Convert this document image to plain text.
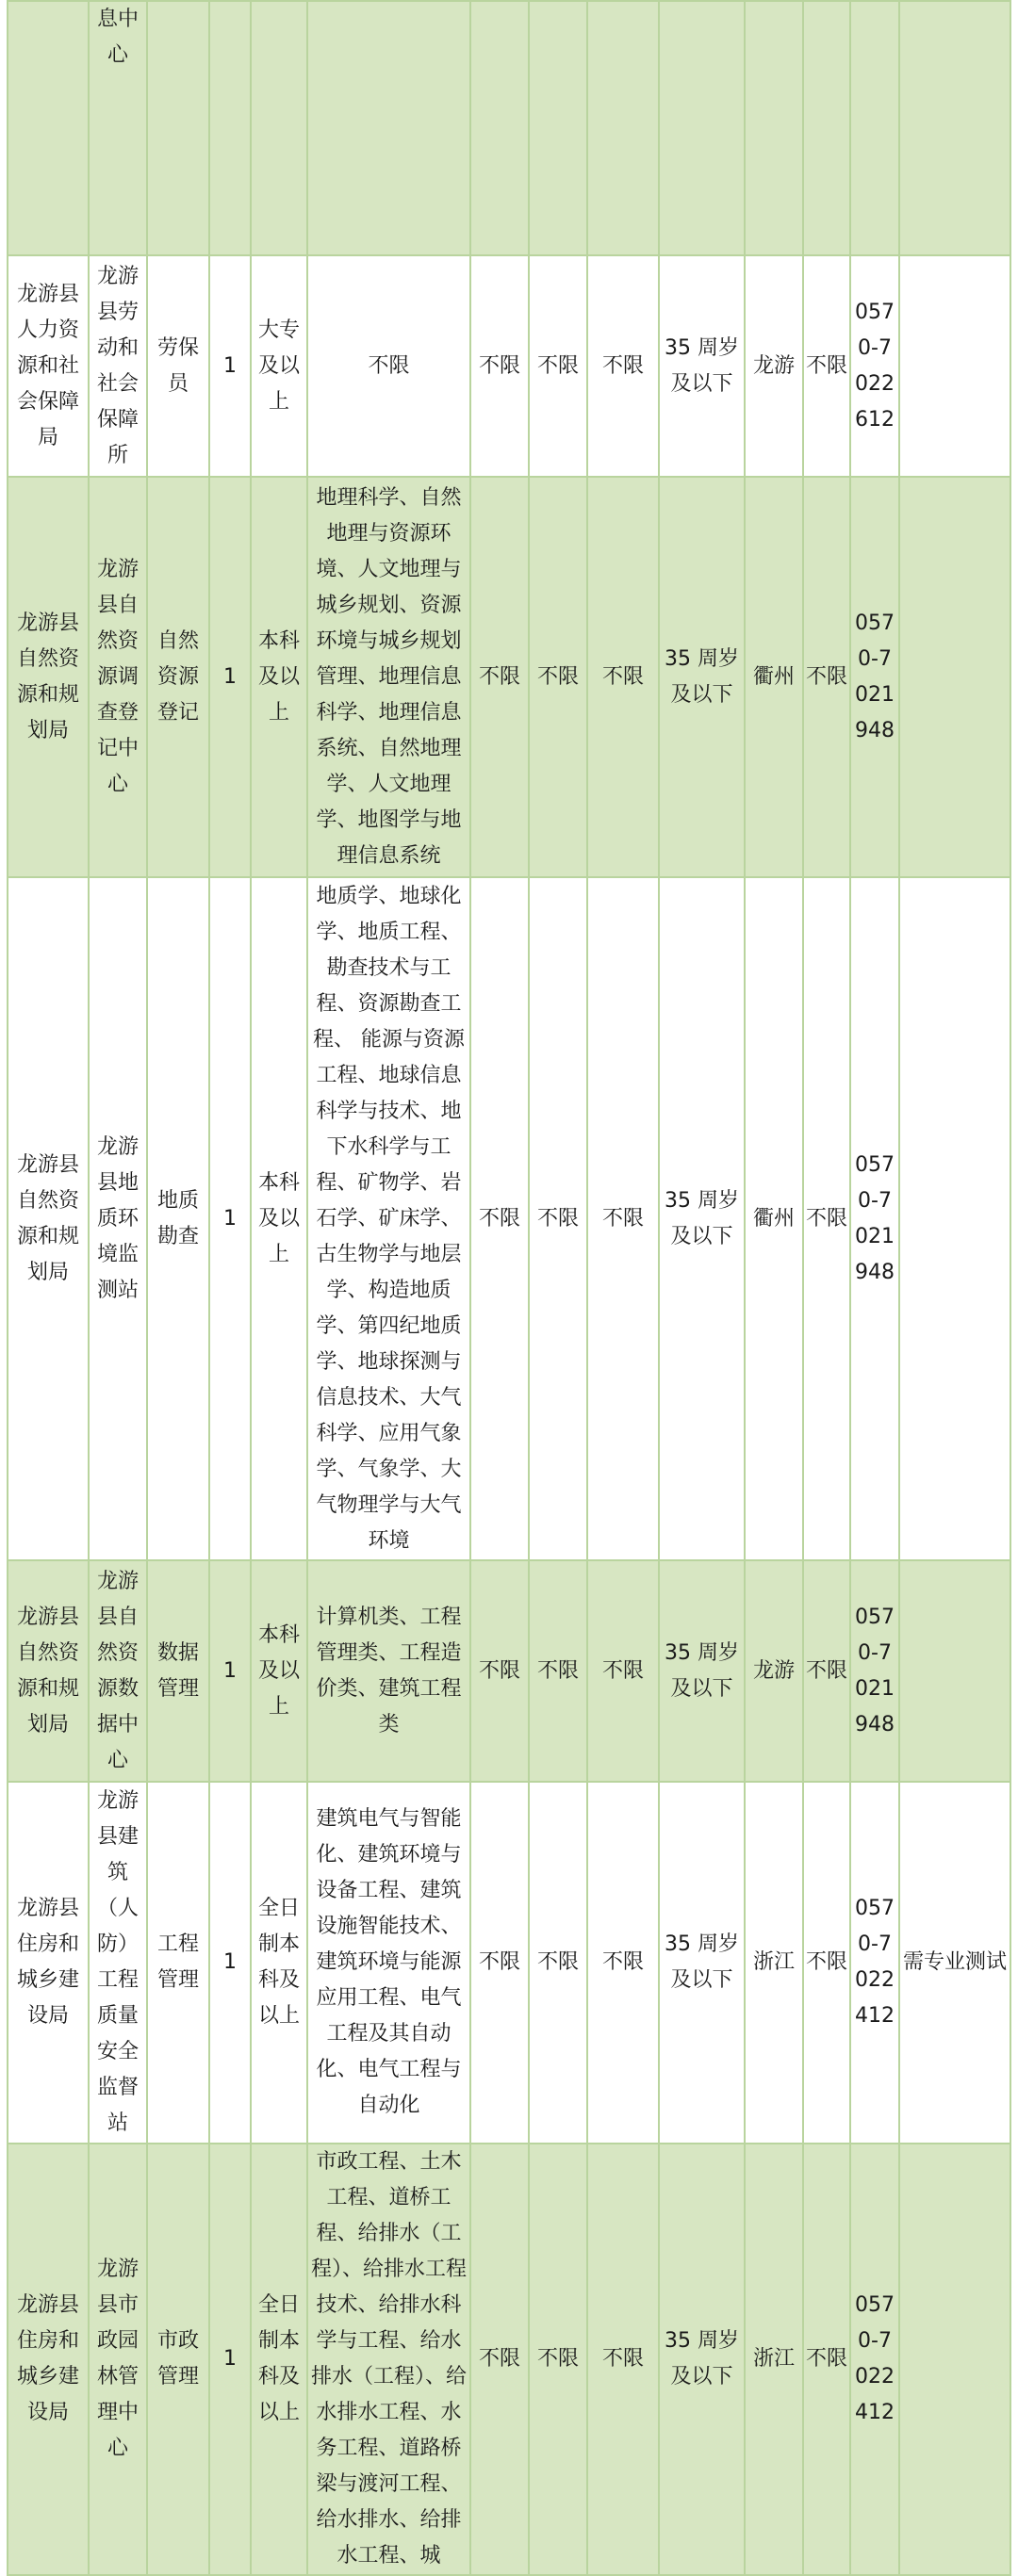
	息中心												

龙游县人力资源和社会保障局	龙游县劳动和社会保障所	劳保员	1	大专及以上	不限	不限	不限	不限	35 周岁及以下	龙游	不限	0570-7022612	

龙游县自然资源和规划局	龙游县自然资源调查登记中心	自然资源登记	1	本科及以上	地理科学、自然地理与资源环境、人文地理与城乡规划、资源环境与城乡规划管理、地理信息科学、地理信息系统、自然地理学、人文地理学、地图学与地理信息系统	不限	不限	不限	35 周岁及以下	衢州	不限	0570-7021948	

龙游县自然资源和规划局	龙游县地质环境监测站	地质勘查	1	本科及以上	地质学、地球化学、地质工程、勘查技术与工程、资源勘查工程、 能源与资源工程、地球信息科学与技术、地下水科学与工程、矿物学、岩石学、矿床学、古生物学与地层学、构造地质学、第四纪地质学、地球探测与信息技术、大气科学、应用气象学、气象学、大气物理学与大气环境	不限	不限	不限	35 周岁及以下	衢州	不限	0570-7021948	

龙游县自然资源和规划局	龙游县自然资源数据中心	数据管理	1	本科及以上	计算机类、工程管理类、工程造价类、建筑工程类	不限	不限	不限	35 周岁及以下	龙游	不限	0570-7021948	

龙游县住房和城乡建设局	龙游县建筑（人防）工程质量安全监督站	工程管理	1	全日制本科及以上	建筑电气与智能化、建筑环境与设备工程、建筑设施智能技术、建筑环境与能源应用工程、电气工程及其自动化、电气工程与自动化	不限	不限	不限	35 周岁及以下	浙江	不限	0570-7022412	需专业测试

龙游县住房和城乡建设局	龙游县市政园林管理中心	市政管理	1	全日制本科及以上	市政工程、土木工程、道桥工程、给排水（工程）、给排水工程技术、给排水科学与工程、给水排水（工程）、给水排水工程、水务工程、道路桥梁与渡河工程、给水排水、给排水工程、城	不限	不限	不限	35 周岁及以下	浙江	不限	0570-7022412	
